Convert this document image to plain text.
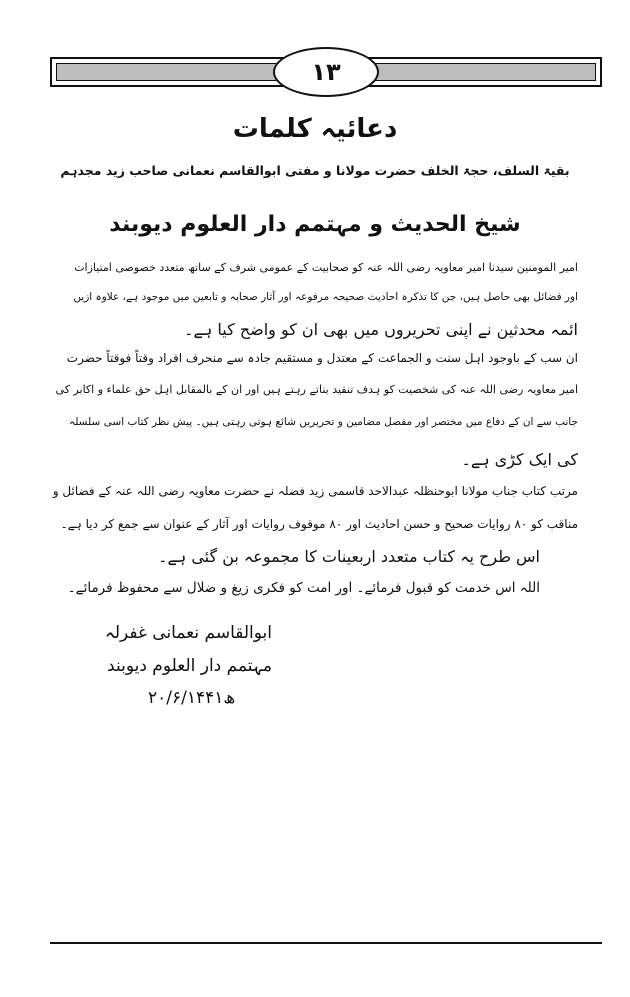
۱۳
دعائیہ کلمات
بقیۃ السلف، حجۃ الخلف حضرت مولانا و مفتی ابوالقاسم نعمانی صاحب زید مجدہم
شیخ الحدیث و مہتمم دار العلوم دیوبند
امیر المومنین سیدنا امیر معاویہ رضی اللہ عنہ کو صحابیت کے عمومی شرف کے ساتھ متعدد خصوصی امتیازات
اور فضائل بھی حاصل ہیں، جن کا تذکرہ احادیث صحیحہ مرفوعہ اور آثار صحابہ و تابعین میں موجود ہے، علاوہ ازیں
ائمہ محدثین نے اپنی تحریروں میں بھی ان کو واضح کیا ہے۔
ان سب کے باوجود اہل سنت و الجماعت کے معتدل و مستقیم جادہ سے منحرف افراد وقتاً فوقتاً حضرت
امیر معاویہ رضی اللہ عنہ کی شخصیت کو ہدف تنقید بناتے رہتے ہیں اور ان کے بالمقابل اہل حق علماء و اکابر کی
جانب سے ان کے دفاع میں مختصر اور مفصل مضامین و تحریریں شائع ہوتی رہتی ہیں۔ پیش نظر کتاب اسی سلسلہ
کی ایک کڑی ہے۔
مرتب کتاب جناب مولانا ابوحنظلہ عبدالاحد قاسمی زید فضلہ نے حضرت معاویہ رضی اللہ عنہ کے فضائل و
مناقب کو ۸۰ روایات صحیح و حسن احادیث اور ۸۰ موقوف روایات اور آثار کے عنوان سے جمع کر دیا ہے۔
اس طرح یہ کتاب متعدد اربعینات کا مجموعہ بن گئی ہے۔
اللہ اس خدمت کو قبول فرمائے۔ اور امت کو فکری زیغ و ضلال سے محفوظ فرمائے۔
ابوالقاسم نعمانی غفرلہ
مہتمم دار العلوم دیوبند
۲۰/۶/۱۴۴۱ھ
